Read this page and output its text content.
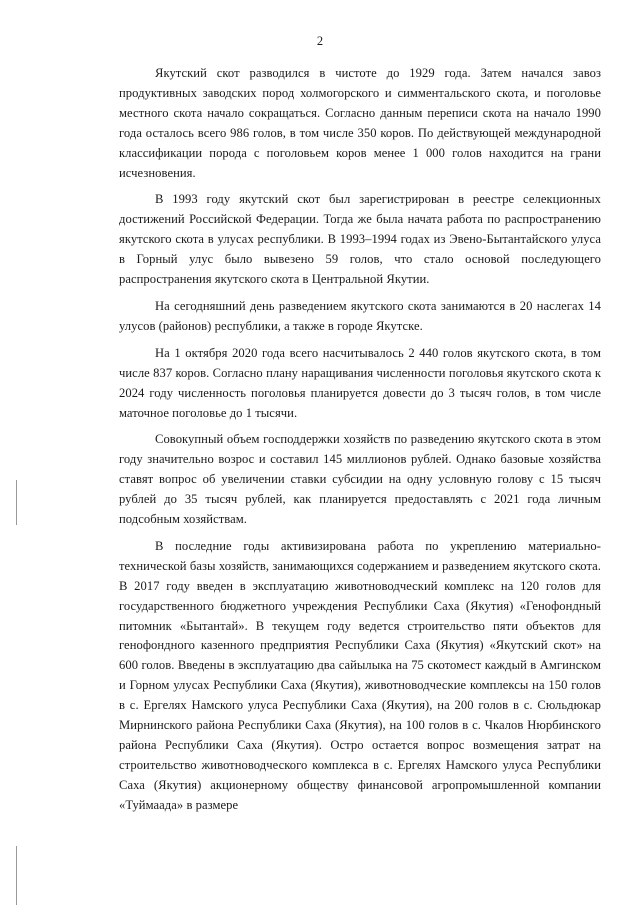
2

Якутский скот разводился в чистоте до 1929 года. Затем начался завоз продуктивных заводских пород холмогорского и симментальского скота, и поголовье местного скота начало сокращаться. Согласно данным переписи скота на начало 1990 года осталось всего 986 голов, в том числе 350 коров. По действующей международной классификации порода с поголовьем коров менее 1 000 голов находится на грани исчезновения.

В 1993 году якутский скот был зарегистрирован в реестре селекционных достижений Российской Федерации. Тогда же была начата работа по распространению якутского скота в улусах республики. В 1993–1994 годах из Эвено-Бытантайского улуса в Горный улус было вывезено 59 голов, что стало основой последующего распространения якутского скота в Центральной Якутии.

На сегодняшний день разведением якутского скота занимаются в 20 наслегах 14 улусов (районов) республики, а также в городе Якутске.

На 1 октября 2020 года всего насчитывалось 2 440 голов якутского скота, в том числе 837 коров. Согласно плану наращивания численности поголовья якутского скота к 2024 году численность поголовья планируется довести до 3 тысяч голов, в том числе маточное поголовье до 1 тысячи.

Совокупный объем господдержки хозяйств по разведению якутского скота в этом году значительно возрос и составил 145 миллионов рублей. Однако базовые хозяйства ставят вопрос об увеличении ставки субсидии на одну условную голову с 15 тысяч рублей до 35 тысяч рублей, как планируется предоставлять с 2021 года личным подсобным хозяйствам.

В последние годы активизирована работа по укреплению материально-технической базы хозяйств, занимающихся содержанием и разведением якутского скота. В 2017 году введен в эксплуатацию животноводческий комплекс на 120 голов для государственного бюджетного учреждения Республики Саха (Якутия) «Генофондный питомник «Бытантай». В текущем году ведется строительство пяти объектов для генофондного казенного предприятия Республики Саха (Якутия) «Якутский скот» на 600 голов. Введены в эксплуатацию два сайылыка на 75 скотомест каждый в Амгинском и Горном улусах Республики Саха (Якутия), животноводческие комплексы на 150 голов в с. Ергелях Намского улуса Республики Саха (Якутия), на 200 голов в с. Сюльдюкар Мирнинского района Республики Саха (Якутия), на 100 голов в с. Чкалов Нюрбинского района Республики Саха (Якутия). Остро остается вопрос возмещения затрат на строительство животноводческого комплекса в с. Ергелях Намского улуса Республики Саха (Якутия) акционерному обществу финансовой агропромышленной компании «Туймаада» в размере
